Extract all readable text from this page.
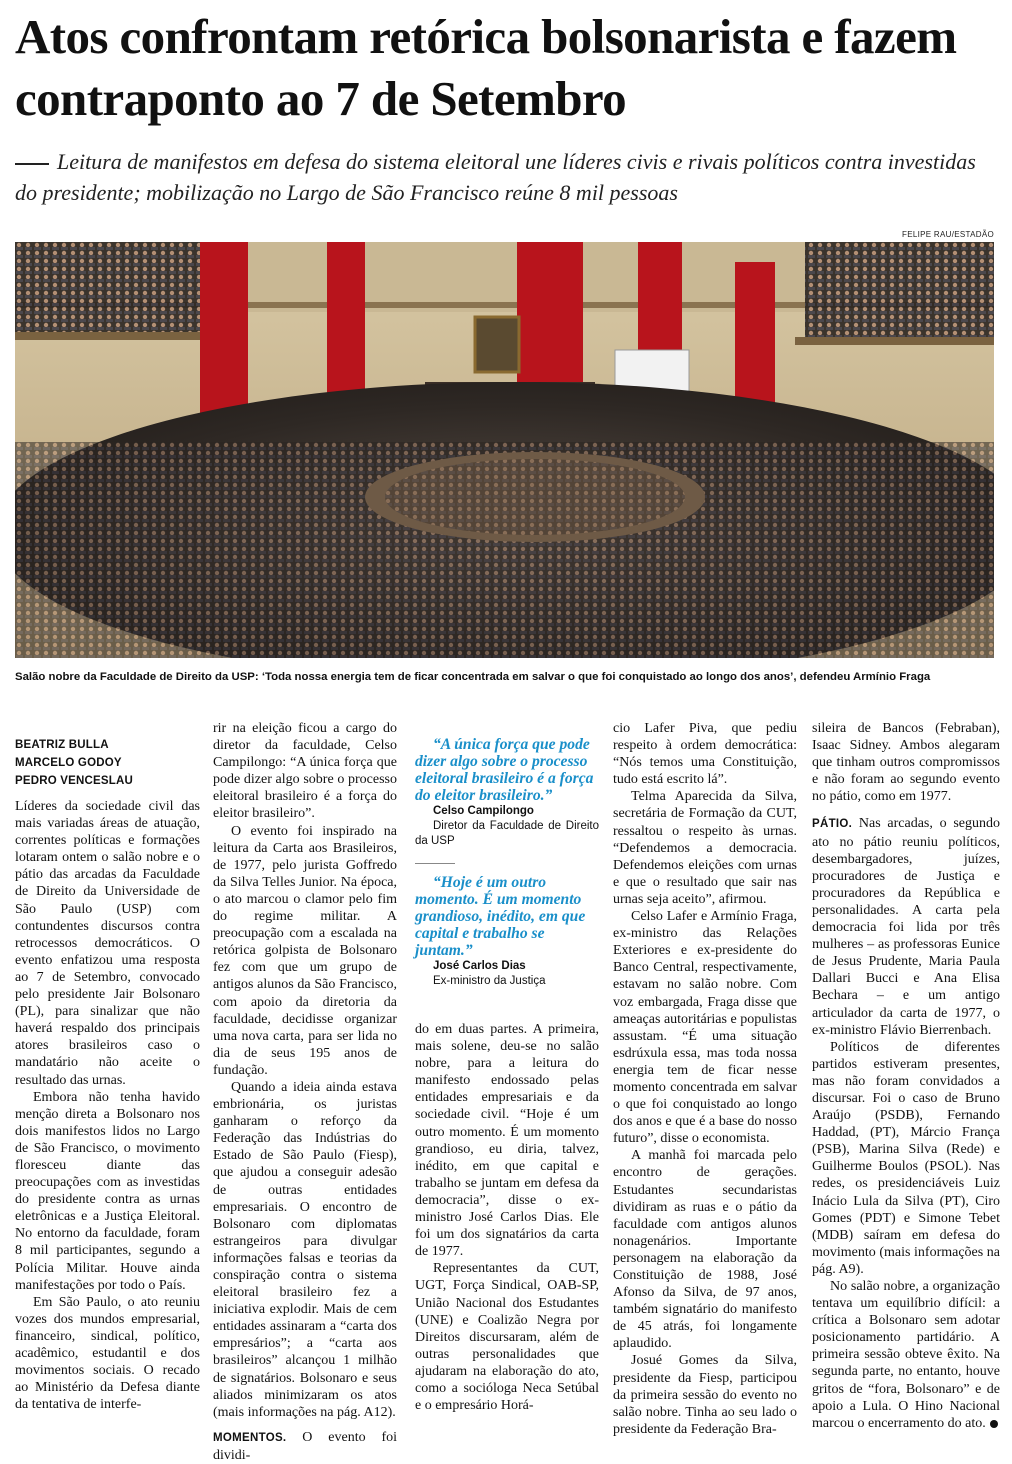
Atos confrontam retórica bolsonarista e fazem contraponto ao 7 de Setembro

Leitura de manifestos em defesa do sistema eleitoral une líderes civis e rivais políticos contra investidas do presidente; mobilização no Largo de São Francisco reúne 8 mil pessoas

FELIPE RAU/ESTADÃO
Salão nobre da Faculdade de Direito da USP: ‘Toda nossa energia tem de ficar concentrada em salvar o que foi conquistado ao longo dos anos’, defendeu Armínio Fraga
BEATRIZ BULLA
MARCELO GODOY
PEDRO VENCESLAU

Líderes da sociedade civil das mais variadas áreas de atuação, correntes políticas e formações lotaram ontem o salão nobre e o pátio das arcadas da Faculdade de Direito da Universidade de São Paulo (USP) com contundentes discursos contra retrocessos democráticos. O evento enfatizou uma resposta ao 7 de Setembro, convocado pelo presidente Jair Bolsonaro (PL), para sinalizar que não haverá respaldo dos principais atores brasileiros caso o mandatário não aceite o resultado das urnas.

Embora não tenha havido menção direta a Bolsonaro nos dois manifestos lidos no Largo de São Francisco, o movimento floresceu diante das preocupações com as investidas do presidente contra as urnas eletrônicas e a Justiça Eleitoral. No entorno da faculdade, foram 8 mil participantes, segundo a Polícia Militar. Houve ainda manifestações por todo o País.

Em São Paulo, o ato reuniu vozes dos mundos empresarial, financeiro, sindical, político, acadêmico, estudantil e dos movimentos sociais. O recado ao Ministério da Defesa diante da tentativa de interfe-

rir na eleição ficou a cargo do diretor da faculdade, Celso Campilongo: “A única força que pode dizer algo sobre o processo eleitoral brasileiro é a força do eleitor brasileiro”.

O evento foi inspirado na leitura da Carta aos Brasileiros, de 1977, pelo jurista Goffredo da Silva Telles Junior. Na época, o ato marcou o clamor pelo fim do regime militar. A preocupação com a escalada na retórica golpista de Bolsonaro fez com que um grupo de antigos alunos da São Francisco, com apoio da diretoria da faculdade, decidisse organizar uma nova carta, para ser lida no dia de seus 195 anos de fundação.

Quando a ideia ainda estava embrionária, os juristas ganharam o reforço da Federação das Indústrias do Estado de São Paulo (Fiesp), que ajudou a conseguir adesão de outras entidades empresariais. O encontro de Bolsonaro com diplomatas estrangeiros para divulgar informações falsas e teorias da conspiração contra o sistema eleitoral brasileiro fez a iniciativa explodir. Mais de cem entidades assinaram a “carta dos empresários”; a “carta aos brasileiros” alcançou 1 milhão de signatários. Bolsonaro e seus aliados minimizaram os atos (mais informações na pág. A12).

MOMENTOS. O evento foi dividi-

“A única força que pode dizer algo sobre o processo eleitoral brasileiro é a força do eleitor brasileiro.”

Celso Campilongo

Diretor da Faculdade de Direito da USP

“Hoje é um outro momento. É um momento grandioso, inédito, em que capital e trabalho se juntam.”

José Carlos Dias

Ex-ministro da Justiça

do em duas partes. A primeira, mais solene, deu-se no salão nobre, para a leitura do manifesto endossado pelas entidades empresariais e da sociedade civil. “Hoje é um outro momento. É um momento grandioso, eu diria, talvez, inédito, em que capital e trabalho se juntam em defesa da democracia”, disse o ex-ministro José Carlos Dias. Ele foi um dos signatários da carta de 1977.

Representantes da CUT, UGT, Força Sindical, OAB-SP, União Nacional dos Estudantes (UNE) e Coalizão Negra por Direitos discursaram, além de outras personalidades que ajudaram na elaboração do ato, como a socióloga Neca Setúbal e o empresário Horá-

cio Lafer Piva, que pediu respeito à ordem democrática: “Nós temos uma Constituição, tudo está escrito lá”.

Telma Aparecida da Silva, secretária de Formação da CUT, ressaltou o respeito às urnas. “Defendemos a democracia. Defendemos eleições com urnas e que o resultado que sair nas urnas seja aceito”, afirmou.

Celso Lafer e Armínio Fraga, ex-ministro das Relações Exteriores e ex-presidente do Banco Central, respectivamente, estavam no salão nobre. Com voz embargada, Fraga disse que ameaças autoritárias e populistas assustam. “É uma situação esdrúxula essa, mas toda nossa energia tem de ficar nesse momento concentrada em salvar o que foi conquistado ao longo dos anos e que é a base do nosso futuro”, disse o economista.

A manhã foi marcada pelo encontro de gerações. Estudantes secundaristas dividiram as ruas e o pátio da faculdade com antigos alunos nonagenários. Importante personagem na elaboração da Constituição de 1988, José Afonso da Silva, de 97 anos, também signatário do manifesto de 45 atrás, foi longamente aplaudido.

Josué Gomes da Silva, presidente da Fiesp, participou da primeira sessão do evento no salão nobre. Tinha ao seu lado o presidente da Federação Bra-

sileira de Bancos (Febraban), Isaac Sidney. Ambos alegaram que tinham outros compromissos e não foram ao segundo evento no pátio, como em 1977.

PÁTIO. Nas arcadas, o segundo ato no pátio reuniu políticos, desembargadores, juízes, procuradores de Justiça e procuradores da República e personalidades. A carta pela democracia foi lida por três mulheres – as professoras Eunice de Jesus Prudente, Maria Paula Dallari Bucci e Ana Elisa Bechara – e um antigo articulador da carta de 1977, o ex-ministro Flávio Bierrenbach.

Políticos de diferentes partidos estiveram presentes, mas não foram convidados a discursar. Foi o caso de Bruno Araújo (PSDB), Fernando Haddad, (PT), Márcio França (PSB), Marina Silva (Rede) e Guilherme Boulos (PSOL). Nas redes, os presidenciáveis Luiz Inácio Lula da Silva (PT), Ciro Gomes (PDT) e Simone Tebet (MDB) saíram em defesa do movimento (mais informações na pág. A9).

No salão nobre, a organização tentava um equilíbrio difícil: a crítica a Bolsonaro sem adotar posicionamento partidário. A primeira sessão obteve êxito. Na segunda parte, no entanto, houve gritos de “fora, Bolsonaro” e de apoio a Lula. O Hino Nacional marcou o encerramento do ato.
